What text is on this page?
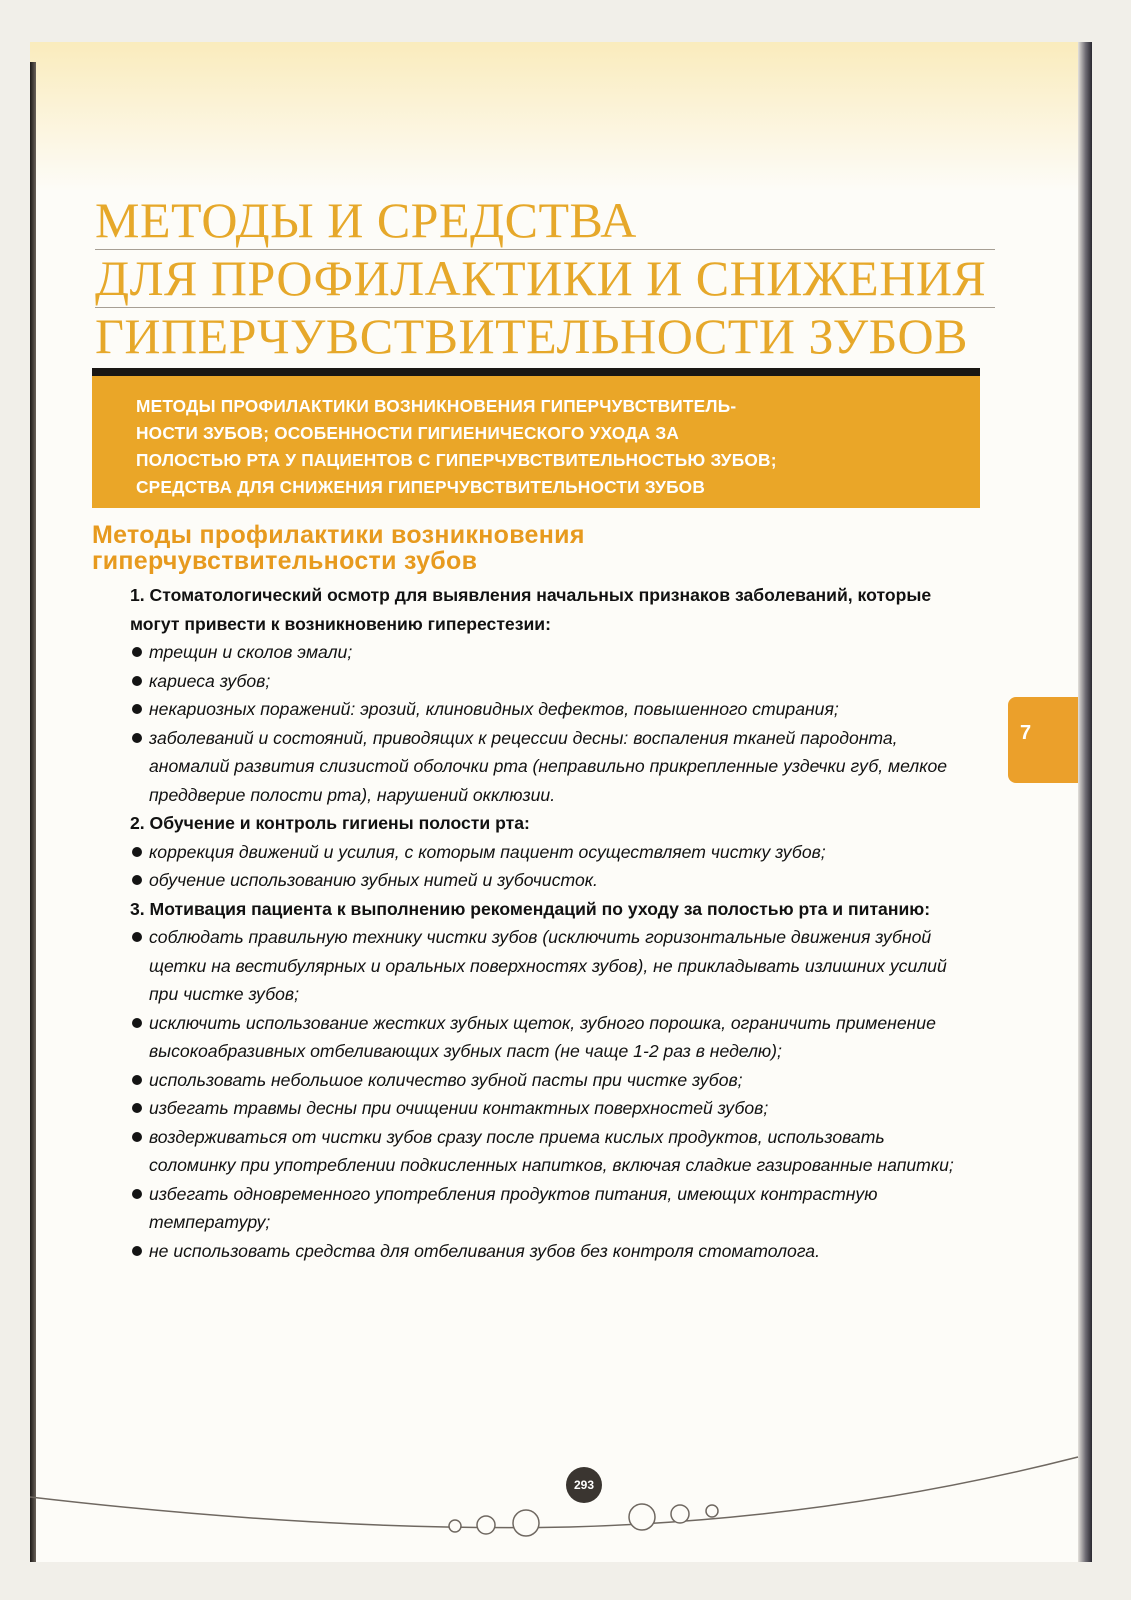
МЕТОДЫ И СРЕДСТВА
ДЛЯ ПРОФИЛАКТИКИ И СНИЖЕНИЯ
ГИПЕРЧУВСТВИТЕЛЬНОСТИ ЗУБОВ
МЕТОДЫ ПРОФИЛАКТИКИ ВОЗНИКНОВЕНИЯ ГИПЕРЧУВСТВИТЕЛЬ-
НОСТИ ЗУБОВ; ОСОБЕННОСТИ ГИГИЕНИЧЕСКОГО УХОДА ЗА
ПОЛОСТЬЮ РТА У ПАЦИЕНТОВ С ГИПЕРЧУВСТВИТЕЛЬНОСТЬЮ ЗУБОВ;
СРЕДСТВА ДЛЯ СНИЖЕНИЯ ГИПЕРЧУВСТВИТЕЛЬНОСТИ ЗУБОВ
Методы профилактики возникновения
гиперчувствительности зубов

1. Стоматологический осмотр для выявления начальных признаков заболеваний, которые могут привести к возникновению гиперестезии:

трещин и сколов эмали;
кариеса зубов;
некариозных поражений: эрозий, клиновидных дефектов, повышенного стирания;
заболеваний и состояний, приводящих к рецессии десны: воспаления тканей пародонта, аномалий развития слизистой оболочки рта (неправильно прикрепленные уздечки губ, мелкое преддверие полости рта), нарушений окклюзии.

2. Обучение и контроль гигиены полости рта:

коррекция движений и усилия, с которым пациент осуществляет чистку зубов;
обучение использованию зубных нитей и зубочисток.

3. Мотивация пациента к выполнению рекомендаций по уходу за полостью рта и питанию:

соблюдать правильную технику чистки зубов (исключить горизонтальные движения зубной щетки на вестибулярных и оральных поверхностях зубов), не прикладывать излишних усилий при чистке зубов;
исключить использование жестких зубных щеток, зубного порошка, ограничить применение высокоабразивных отбеливающих зубных паст (не чаще 1-2 раз в неделю);
использовать небольшое количество зубной пасты при чистке зубов;
избегать травмы десны при очищении контактных поверхностей зубов;
воздерживаться от чистки зубов сразу после приема кислых продуктов, использовать соломинку при употреблении подкисленных напитков, включая сладкие газированные напитки;
избегать одновременного употребления продуктов питания, имеющих контрастную температуру;
не использовать средства для отбеливания зубов без контроля стоматолога.
7
293
